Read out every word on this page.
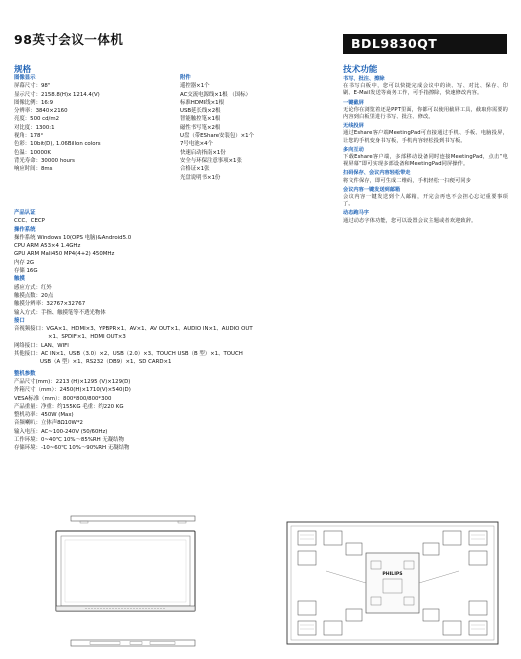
98英寸会议一体机	BDL9830QT
规格	技术功能
图像显示
屏幕尺寸：98"
显示尺寸：2158.8(H)x 1214.4(V)
图像比例：16:9
分辨率：3840×2160
亮度：500 cd/m2
对比度：1300:1
视角：178°
色彩：10bit(D), 1.06Billon colors
色温：10000K
背光寿命：30000 hours
响应时间：8ms
附件
遥控器×1个
AC交流电源线×1根 （国标）
标准HDMI线×1根
USB延长线×2根
智能触控笔×1根
磁性书写笔×2根
U盘（带EShare安装包）×1个
7号电池×4个
快速启动指南×1份
安全与环保注意事项×1张
合格证×1张
光盘说明书×1份
产品认证
CCC、CECP
操作系统
操作系统 Windows 10(OPS 电脑)&Android5.0
CPU ARM A53×4 1.4GHz
GPU ARM Mali450 MP4(4+2) 450MHz
内存 2G
存储 16G
触摸
感应方式：红外
触摸点数：20点
触摸分辨率：32767×32767
输入方式：手指、触摸笔等不透光物体
接口
音视频接口：VGA×1、HDMI×3、YPBPR×1、AV×1、AV OUT×1、AUDIO IN×1、AUDIO OUT
×1、SPDIF×1、HDMI OUT×3
网络接口：LAN、WIFI
其他接口：AC IN×1、USB（3.0）×2、USB（2.0）×3、TOUCH USB（B 型）×1、TOUCH
USB（A 型）×1、RS232（DB9）×1、SD CARD×1
整机参数
产品尺寸(mm)：2213 (H)×1295 (V)×129(D)
外箱尺寸（mm）：2450(H)×1710(V)×540(D)
VESA标准（mm）：800*800/800*300
产品重量：净重：约155KG 毛重：约220 KG
整机功率：450W (Max)
音频喇叭：立体声8Ω10W*2
输入电压：AC~100-240V (50/60Hz)
工作环境：0~40℃ 10%～85%RH 无凝结物
存储环境：-10~60℃ 10%～90%RH 无凝结物
书写、批注、擦除
在书写白板中，您可以快捷完成会议中的读、写、对比、保存、印刷、E-Mail发送等商务工作，可手指擦除，快速修改内容。
一键截屏
无论你在浏览着还是PPT里面，你都可以使用截屏工具，截取你需要的内容到白板里进行书写、批注、修改。
无线投屏
通过Eshare客户端MeetingPad可直接通过手机、手板、电脑投屏， 让您的手机变身书写板，手机内容轻松投到书写板。
多向互动
下载Eshare客户端，多部移动设备同时连接MeetingPad，点击“电视屏幕”即可实现多部设备和MeetingPad同屏操作。
扫码保存、会议内容轻松带走
将文件保存，即可生成二维码，手机轻松一扫便可同步
会议内容一键发送到邮箱
会议内容一键发送到个人邮箱，开完会再也不会担心忘记重要事项了。
动态跑马字
通过动态字体功能，您可以设置会议主题或者欢迎致辞。
PHILIPS
